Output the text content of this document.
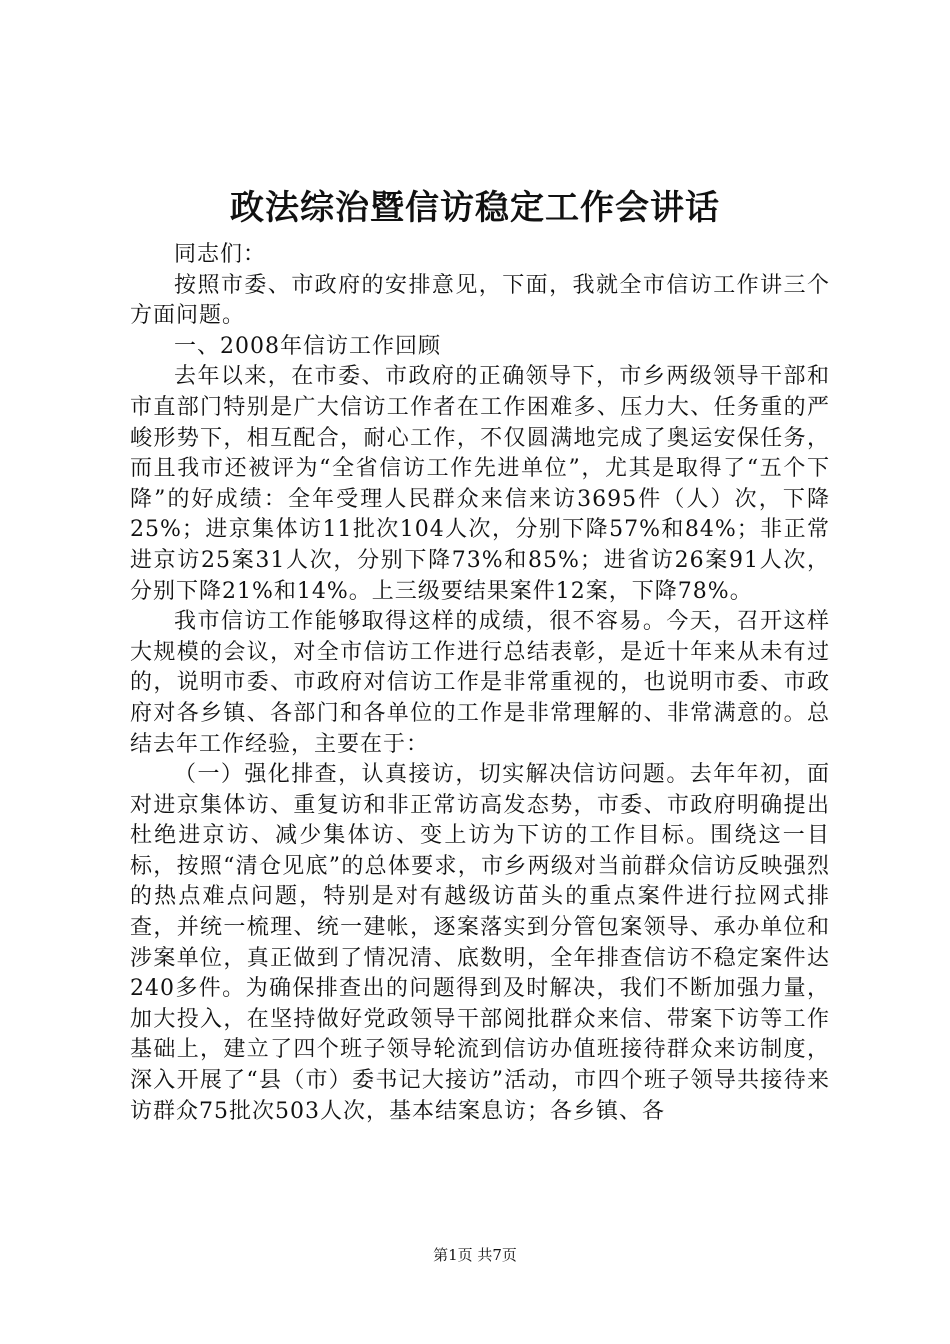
政法综治暨信访稳定工作会讲话

同志们：

按照市委、市政府的安排意见，下面，我就全市信访工作讲三个方面问题。

一、2008年信访工作回顾

去年以来，在市委、市政府的正确领导下，市乡两级领导干部和市直部门特别是广大信访工作者在工作困难多、压力大、任务重的严峻形势下，相互配合，耐心工作，不仅圆满地完成了奥运安保任务，而且我市还被评为“全省信访工作先进单位”，尤其是取得了“五个下降”的好成绩：全年受理人民群众来信来访3695件（人）次，下降25%；进京集体访11批次104人次，分别下降57%和84%；非正常进京访25案31人次，分别下降73%和85%；进省访26案91人次，分别下降21%和14%。上三级要结果案件12案，下降78%。

我市信访工作能够取得这样的成绩，很不容易。今天，召开这样大规模的会议，对全市信访工作进行总结表彰，是近十年来从未有过的，说明市委、市政府对信访工作是非常重视的，也说明市委、市政府对各乡镇、各部门和各单位的工作是非常理解的、非常满意的。总结去年工作经验，主要在于：

（一）强化排查，认真接访，切实解决信访问题。去年年初，面对进京集体访、重复访和非正常访高发态势，市委、市政府明确提出杜绝进京访、减少集体访、变上访为下访的工作目标。围绕这一目标，按照“清仓见底”的总体要求，市乡两级对当前群众信访反映强烈的热点难点问题，特别是对有越级访苗头的重点案件进行拉网式排查，并统一梳理、统一建帐，逐案落实到分管包案领导、承办单位和涉案单位，真正做到了情况清、底数明，全年排查信访不稳定案件达240多件。为确保排查出的问题得到及时解决，我们不断加强力量，加大投入，在坚持做好党政领导干部阅批群众来信、带案下访等工作基础上，建立了四个班子领导轮流到信访办值班接待群众来访制度，深入开展了“县（市）委书记大接访”活动，市四个班子领导共接待来访群众75批次503人次，基本结案息访；各乡镇、各

第1页 共7页
